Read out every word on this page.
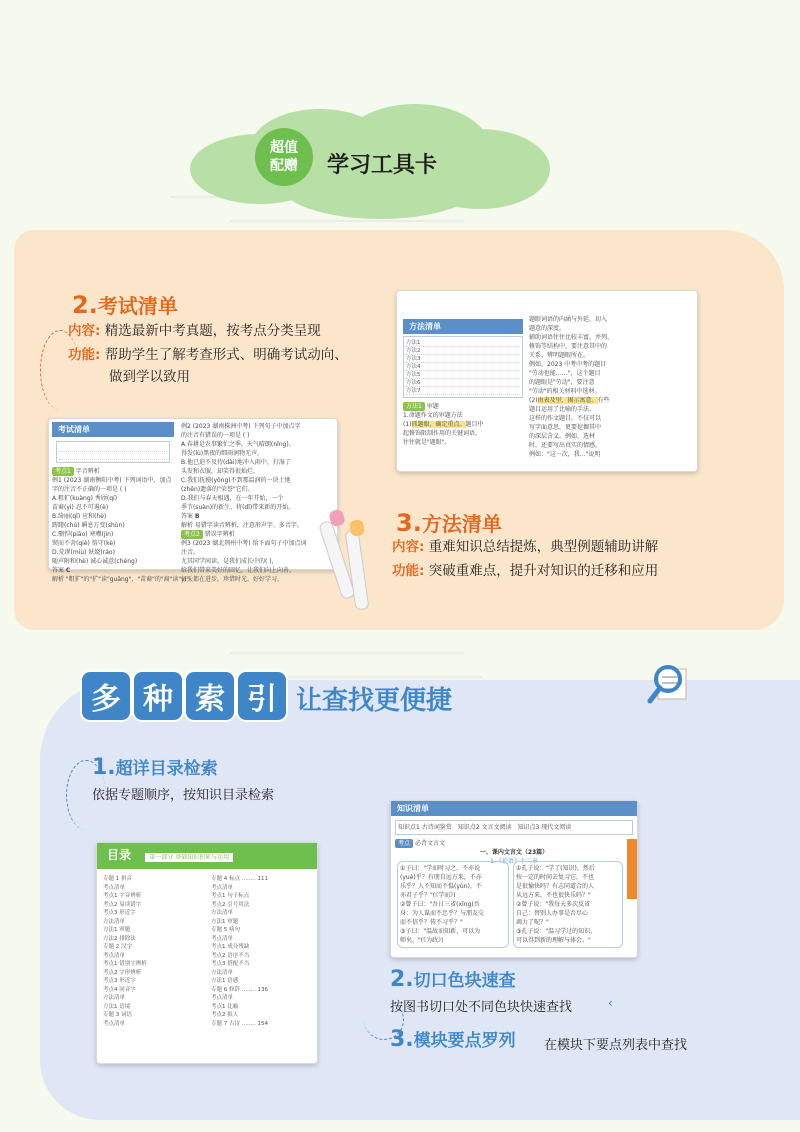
超值
配赠 学习工具卡
2.考试清单
内容: 精选最新中考真题，按考点分类呈现
功能: 帮助学生了解考查形式、明确考试动向、
做到学以致用
考试清单
考点1 字音辨析
例1 (2023 湖南衡阳中考) 下列词语中，加点
字的注音不正确的一项是 ( )
A.粗犷(kuàng) 秀颀(qí)
苗裔(yì) 忍不可遏(è)
B.绮丽(qǐ) 应和(hè)
踌躇(chú) 瞬息万变(shùn)
C.剽悍(piāo) 寒噤(jìn)
锲而不舍(qiè) 恪守(kè)
D.荒谬(miù) 妖娆(ráo)
随声附和(hè) 诚心诚意(chéng)
答案 C
解析 "粗犷"的"犷"读"guǎng"，"苗裔"的"裔"读"yì"。
例2 (2023 湖南株洲中考) 下列句子中加点字
的注音有错误的一项是 ( )
A.春耕是农事繁忙之季，天气晴朗(nǐng)。
得发(lù)黑夜的细雨润物无声。
B.他已迫不及待(dài)地冲入雨中，打湿了
头发和衣服，却笑得很灿烂。
C.我们抚摸(yōng)不到那温润的一块土地
(zhēn)遗落的"荣誉"它们。
D.我们与春天相遇，在一年开始，一个
季节(suàn)的新生，将(dǐ)带来新的开始。
答案 B
解析 易错字读音辨析，注意形声字、多音字。
考点2 错误字辨析
例3 (2023 湖北荆州中考) 给下面句子中加点词
注音。
尤其同学间读，是我们成长中的( )，
给我们带来美好的回忆，让我们向上向善，
每天都在进步，珍惜时光，好好学习。
方法清单
方法1
方法2
方法3
方法4
方法5
方法6
方法7
方法1 审题
1.命题作文的审题方法
(1)抓题眼，确定重点。题目中
起修饰限制作用的关键词语，
往往就是"题眼"。
题眼词语的内涵与外延，切入
题意的深度。
辅助词语往往比较丰富，并列、
修饰等结构中，要注意其中的
关系，辨明题眼所在。
例如，2023 中考中考的题目
"劳动也能……"，这个题目
的题眼是"劳动"，要注意
"劳动"的相关材料中选材。
(2)由表及里，揭示寓意。有些
题目运用了比喻的手法，
这样的作文题目，不仅可以
写字面意思，更要挖掘其中
的深层含义。例如，选材
时，还要写出真实的情感。
例如："这一次，我…"说明
3.方法清单
内容: 重难知识总结提炼，典型例题辅助讲解
功能: 突破重难点，提升对知识的迁移和应用
多 种 索 引 让查找更便捷
1.超详目录检索
依据专题顺序，按知识目录检索
目录	第一部分 基础知识积累与运用
专题 1 拼音
考点清单
考点1 字音辨析
考点2 易读错字
考点3 形近字
方法清单
方法1 审题
方法2 排除法
专题 2 汉字
考点清单
考点1 错别字辨析
考点2 字形辨析
考点3 形近字
考点4 同音字
方法清单
方法1 语境
专题 3 词语
考点清单
专题 4 标点 ........ 111
考点清单
考点1 句子标点
考点2 引号用法
方法清单
方法1 审题
专题 5 病句
考点清单
考点1 成分残缺
考点2 语序不当
考点3 搭配不当
方法清单
方法1 语感
专题 6 修辞 ........ 136
考点清单
考点1 比喻
考点2 拟人
专题 7 古诗 ........ 154
知识清单
知识点1 古诗词鉴赏 知识点2 文言文阅读 知识点3 现代文阅读
考点 必背文言文
一、课内文言文（23篇）
1.《论语》十二章
①子曰："学而时习之，不亦说
(yuè)乎？有朋自远方来，不亦
乐乎？人不知而不愠(yùn)，不
亦君子乎？"(《学而》)
②曾子曰："吾日三省(xǐng)吾
身：为人谋而不忠乎？与朋友交
而不信乎？传不习乎？"
③子曰："温故而知新，可以为
师矣。"(《为政》)
①孔子说："学了(知识)，然后
按一定的时间去复习它，不也
是很愉快吗？有志同道合的人
从远方来，不也很快乐吗？"
②曾子说："我每天多次反省
自己：替别人办事是否尽心
竭力了呢？"
③孔子说："温习学过的知识，
可以得到新的理解与体会。"
2.切口色块速查
按图书切口处不同色块快速查找	‹
3.模块要点罗列 在模块下要点列表中查找
